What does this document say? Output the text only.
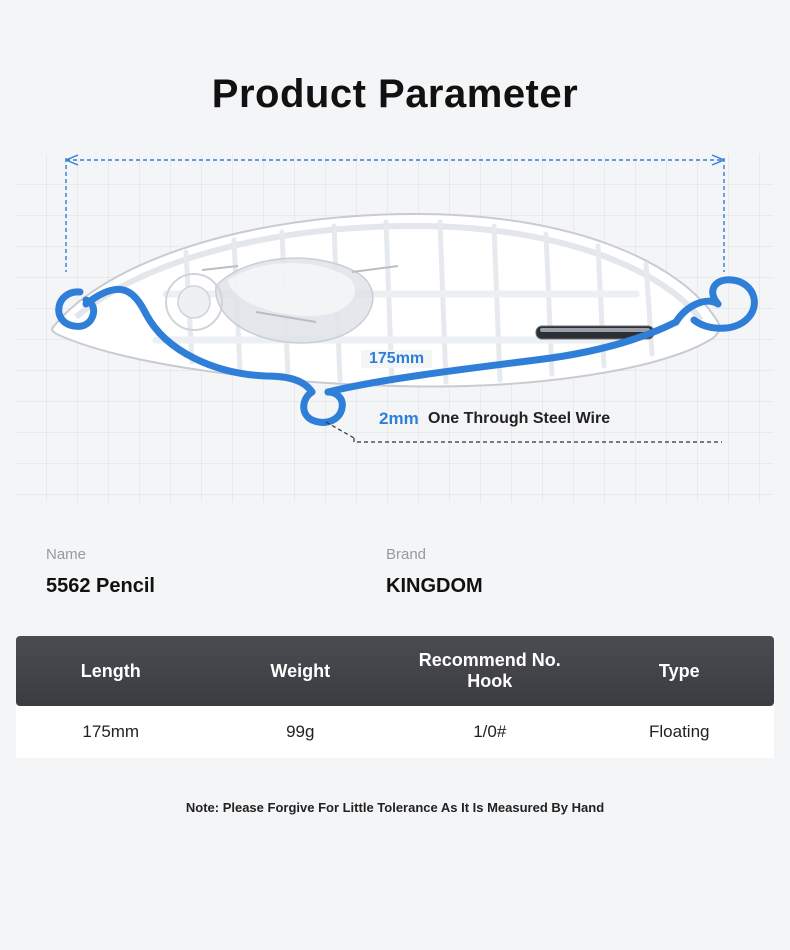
Product Parameter
175mm
2mm One Through Steel Wire
Name
5562 Pencil
Brand
KINGDOM
Length	Weight	Recommend No. Hook	Type
175mm	99g	1/0#	Floating
Note: Please Forgive For Little Tolerance As It Is Measured By Hand
